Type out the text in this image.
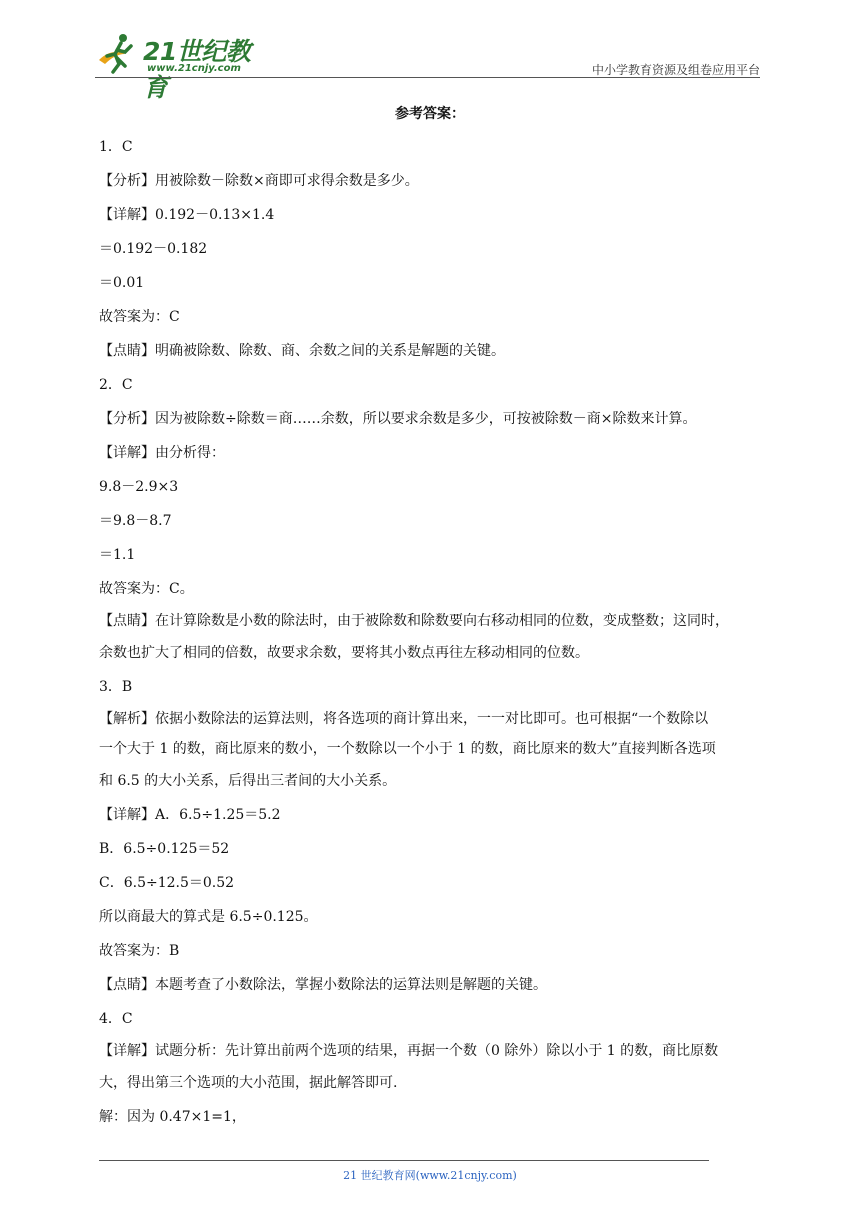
21世纪教育
www.21cnjy.com	中小学教育资源及组卷应用平台
参考答案：
1．C
【分析】用被除数－除数×商即可求得余数是多少。
【详解】0.192－0.13×1.4
＝0.192－0.182
＝0.01
故答案为：C
【点睛】明确被除数、除数、商、余数之间的关系是解题的关键。
2．C
【分析】因为被除数÷除数＝商……余数，所以要求余数是多少，可按被除数－商×除数来计算。
【详解】由分析得：
9.8－2.9×3
＝9.8－8.7
＝1.1
故答案为：C。
【点睛】在计算除数是小数的除法时，由于被除数和除数要向右移动相同的位数，变成整数；这同时，
余数也扩大了相同的倍数，故要求余数，要将其小数点再往左移动相同的位数。
3．B
【解析】依据小数除法的运算法则，将各选项的商计算出来，一一对比即可。也可根据“一个数除以
一个大于 1 的数，商比原来的数小，一个数除以一个小于 1 的数，商比原来的数大”直接判断各选项
和 6.5 的大小关系，后得出三者间的大小关系。
【详解】A．6.5÷1.25＝5.2
B．6.5÷0.125＝52
C．6.5÷12.5＝0.52
所以商最大的算式是 6.5÷0.125。
故答案为：B
【点睛】本题考查了小数除法，掌握小数除法的运算法则是解题的关键。
4．C
【详解】试题分析：先计算出前两个选项的结果，再据一个数（0 除外）除以小于 1 的数，商比原数
大，得出第三个选项的大小范围，据此解答即可.
解：因为 0.47×1=1，
21 世纪教育网(www.21cnjy.com)
